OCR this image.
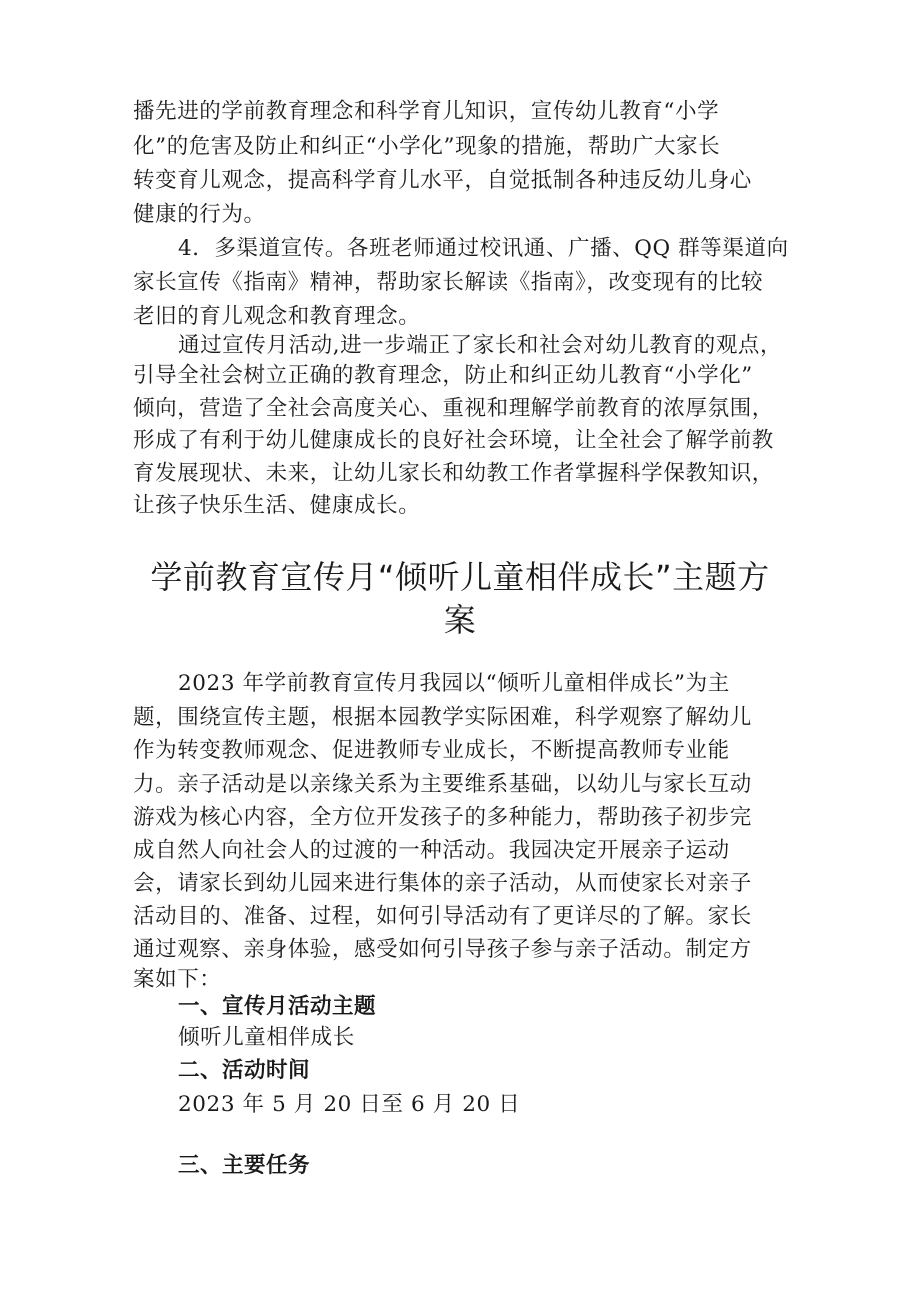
播先进的学前教育理念和科学育儿知识，宣传幼儿教育“小学
化”的危害及防止和纠正“小学化”现象的措施，帮助广大家长
转变育儿观念，提高科学育儿水平，自觉抵制各种违反幼儿身心
健康的行为。
4．多渠道宣传。各班老师通过校讯通、广播、QQ 群等渠道向
家长宣传《指南》精神，帮助家长解读《指南》，改变现有的比较
老旧的育儿观念和教育理念。
通过宣传月活动,进一步端正了家长和社会对幼儿教育的观点，
引导全社会树立正确的教育理念，防止和纠正幼儿教育“小学化”
倾向，营造了全社会高度关心、重视和理解学前教育的浓厚氛围，
形成了有利于幼儿健康成长的良好社会环境，让全社会了解学前教
育发展现状、未来，让幼儿家长和幼教工作者掌握科学保教知识，
让孩子快乐生活、健康成长。
学前教育宣传月“倾听儿童相伴成长”主题方
案
2023 年学前教育宣传月我园以“倾听儿童相伴成长”为主
题，围绕宣传主题，根据本园教学实际困难，科学观察了解幼儿
作为转变教师观念、促进教师专业成长，不断提高教师专业能
力。亲子活动是以亲缘关系为主要维系基础，以幼儿与家长互动
游戏为核心内容，全方位开发孩子的多种能力，帮助孩子初步完
成自然人向社会人的过渡的一种活动。我园决定开展亲子运动
会，请家长到幼儿园来进行集体的亲子活动，从而使家长对亲子
活动目的、准备、过程，如何引导活动有了更详尽的了解。家长
通过观察、亲身体验，感受如何引导孩子参与亲子活动。制定方
案如下：
一、宣传月活动主题
倾听儿童相伴成长
二、活动时间
2023 年 5 月 20 日至 6 月 20 日
三、主要任务
